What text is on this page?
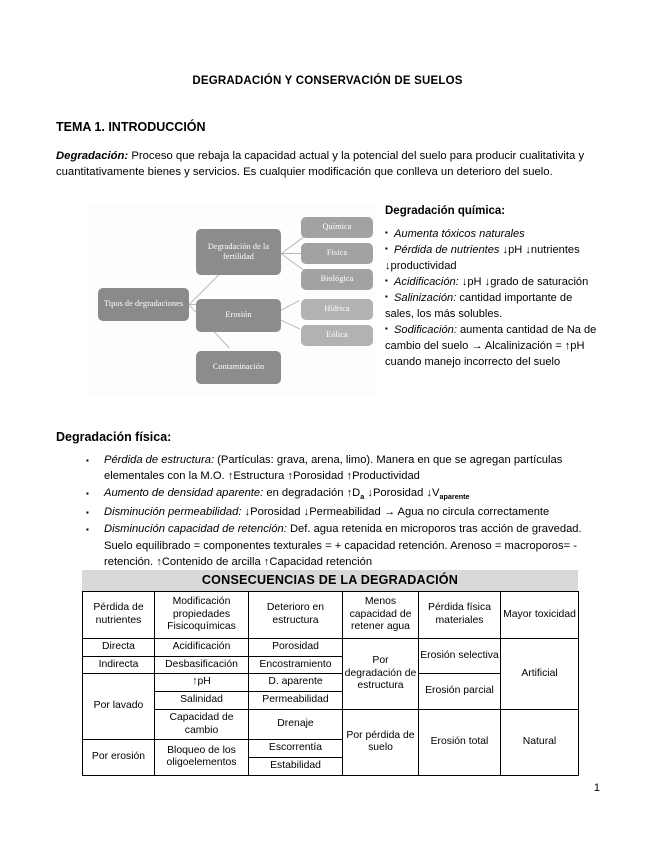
DEGRADACIÓN Y CONSERVACIÓN DE SUELOS
TEMA 1. INTRODUCCIÓN
Degradación: Proceso que rebaja la capacidad actual y la potencial del suelo para producir cualitativita y cuantitativamente bienes y servicios. Es cualquier modificación que conlleva un deterioro del suelo.
Tipos de degradaciones
Degradación de la fertilidad
Erosión
Contaminación
Química
Física
Biológica
Hídrica
Eólica
Degradación química:
▪ Aumenta tóxicos naturales
▪ Pérdida de nutrientes ↓pH ↓nutrientes ↓productividad
▪ Acidificación: ↓pH ↓grado de saturación
▪ Salinización: cantidad importante de sales, los más solubles.
▪ Sodificación: aumenta cantidad de Na de cambio del suelo → Alcalinización = ↑pH cuando manejo incorrecto del suelo
Degradación física:
▪	Pérdida de estructura: (Partículas: grava, arena, limo). Manera en que se agregan partículas elementales con la M.O. ↑Estructura ↑Porosidad ↑Productividad
▪	Aumento de densidad aparente: en degradación $↑D_a$ ↓Porosidad $↓V_{aparente}$
▪	Disminución permeabilidad: ↓Porosidad ↓Permeabilidad → Agua no circula correctamente
▪	Disminución capacidad de retención: Def. agua retenida en microporos tras acción de gravedad. Suelo equilibrado = componentes texturales = + capacidad retención. Arenoso = macroporos= - retención. ↑Contenido de arcilla ↑Capacidad retención
CONSECUENCIAS DE LA DEGRADACIÓN
Pérdida de nutrientes	Modificación propiedades Fisicoquímicas	Deterioro en estructura	Menos capacidad de retener agua	Pérdida física materiales	Mayor toxicidad
Directa	Acidificación	Porosidad	Por degradación de estructura	Erosión selectiva	Artificial
Indirecta	Desbasificación	Encostramiento			
Por lavado	↑pH	D. aparente		Erosión parcial	
	Salinidad	Permeabilidad			
	Capacidad de cambio	Drenaje	Por pérdida de suelo	Erosión total	Natural
Por erosión	Bloqueo de los oligoelementos	Escorrentía			
		Estabilidad			
1
